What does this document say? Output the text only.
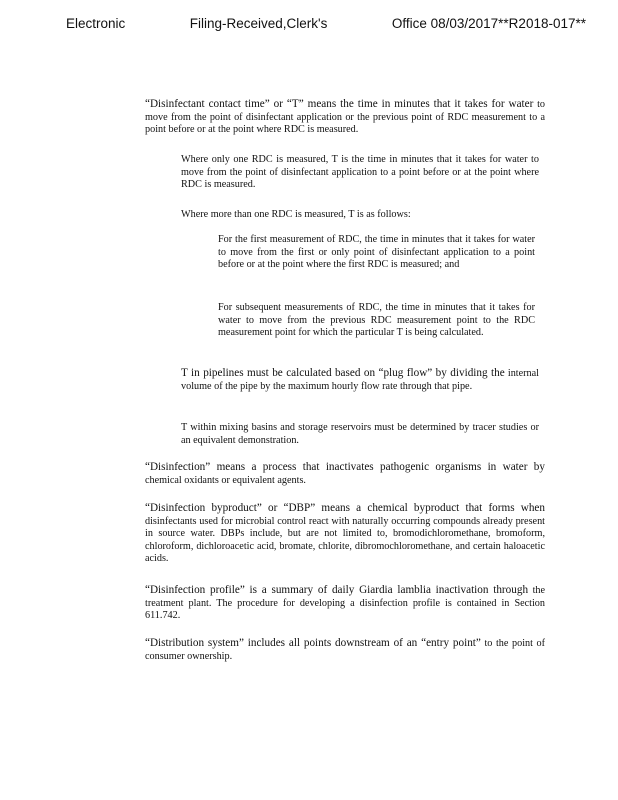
Electronic	Filing-Received,Clerk's	Office 08/03/2017**R2018-017**
“Disinfectant contact time” or “T” means the time in minutes that it takes for water to move from the point of disinfectant application or the previous point of RDC measurement to a point before or at the point where RDC is measured.
Where only one RDC is measured, T is the time in minutes that it takes for water to move from the point of disinfectant application to a point before or at the point where RDC is measured.
Where more than one RDC is measured, T is as follows:
For the first measurement of RDC, the time in minutes that it takes for water to move from the first or only point of disinfectant application to a point before or at the point where the first RDC is measured; and
For subsequent measurements of RDC, the time in minutes that it takes for water to move from the previous RDC measurement point to the RDC measurement point for which the particular T is being calculated.
T in pipelines must be calculated based on “plug flow” by dividing the internal volume of the pipe by the maximum hourly flow rate through that pipe.
T within mixing basins and storage reservoirs must be determined by tracer studies or an equivalent demonstration.
“Disinfection” means a process that inactivates pathogenic organisms in water by chemical oxidants or equivalent agents.
“Disinfection byproduct” or “DBP” means a chemical byproduct that forms when disinfectants used for microbial control react with naturally occurring compounds already present in source water. DBPs include, but are not limited to, bromodichloromethane, bromoform, chloroform, dichloroacetic acid, bromate, chlorite, dibromochloromethane, and certain haloacetic acids.
“Disinfection profile” is a summary of daily Giardia lamblia inactivation through the treatment plant. The procedure for developing a disinfection profile is contained in Section 611.742.
“Distribution system” includes all points downstream of an “entry point” to the point of consumer ownership.
